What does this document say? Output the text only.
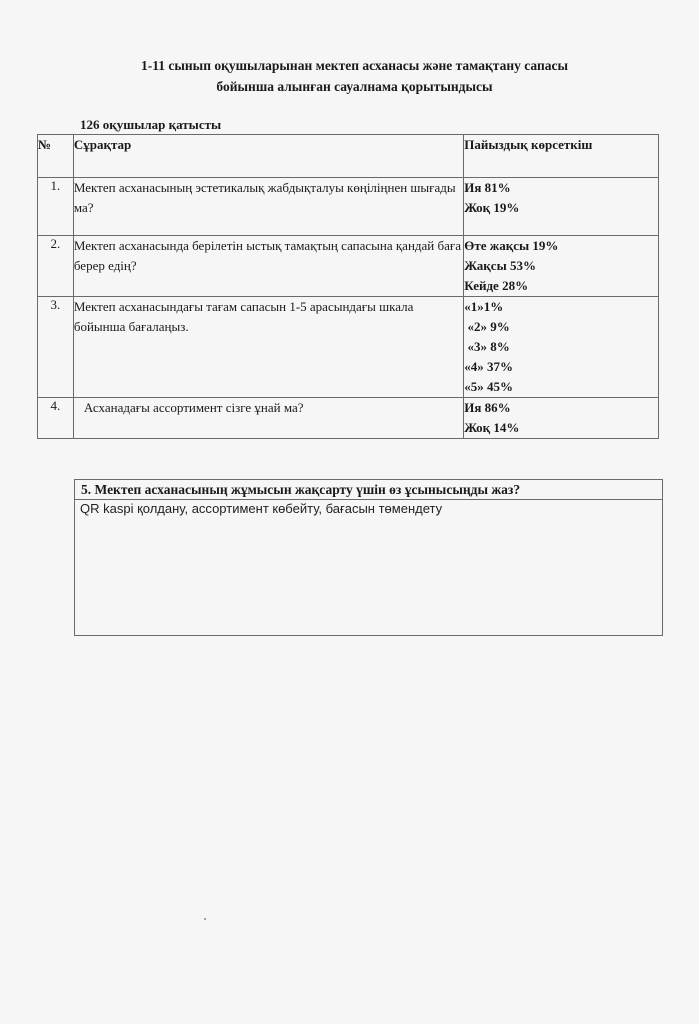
1-11 сынып оқушыларынан мектеп асханасы және тамақтану сапасы
бойынша алынған сауалнама қорытындысы
126 оқушылар қатысты
№	Сұрақтар	Пайыздық көрсеткіш
1.	Мектеп асханасының эстетикалық жабдықталуы көңіліңнен шығады ма?	Ия 81%
Жоқ 19%

2.	Мектеп асханасында берілетін ыстық тамақтың сапасына қандай баға берер едің?	Өте жақсы 19%
Жақсы 53%
Кейде 28%

3.	Мектеп асханасындағы тағам сапасын 1-5 арасындағы шкала бойынша бағалаңыз.	«1»1%
«2» 9%
«3» 8%
«4» 37%
«5» 45%

4.	Асханадағы ассортимент сізге ұнай ма?	Ия 86%
Жоқ 14%
5. Мектеп асханасының жұмысын жақсарту үшін өз ұсынысыңды жаз?
QR kaspi қолдану, ассортимент көбейту, бағасын төмендету
